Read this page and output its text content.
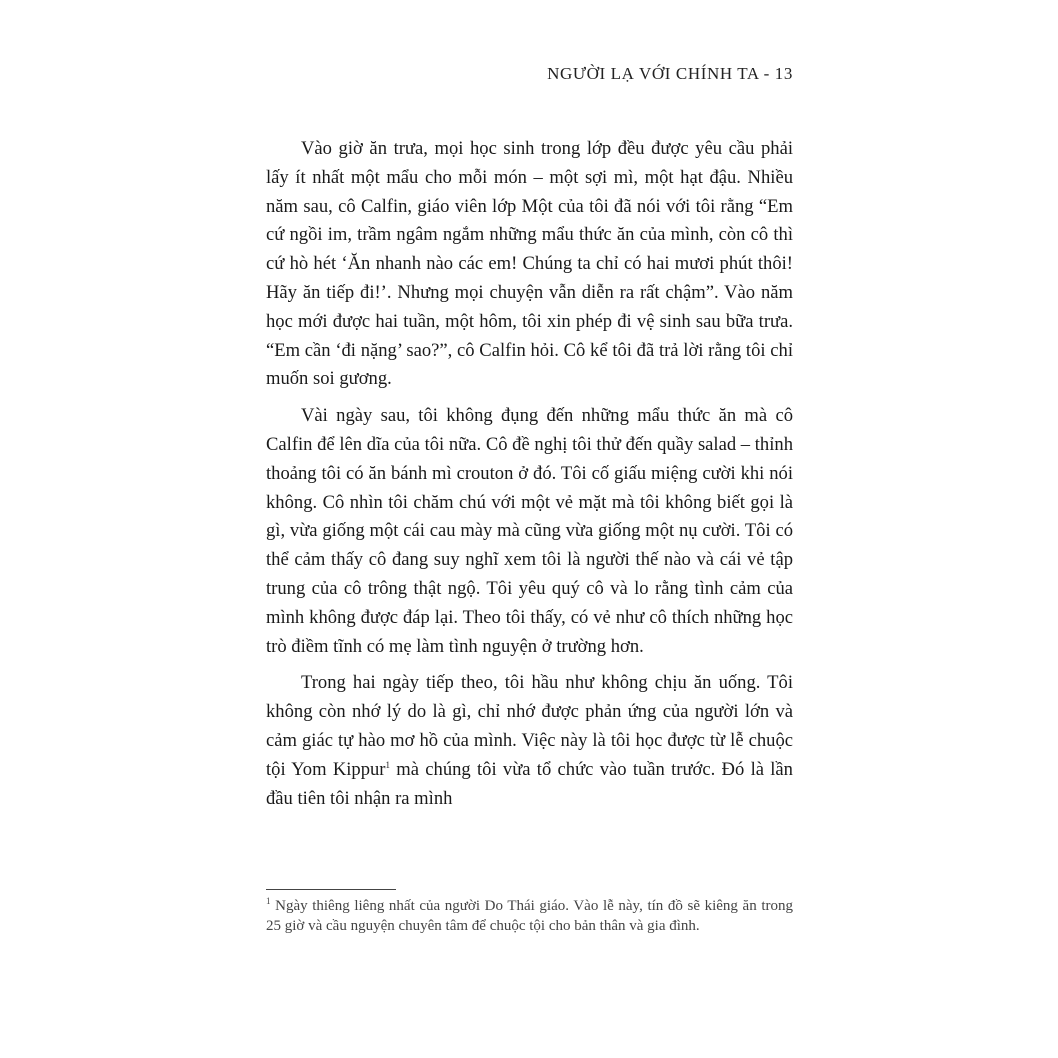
NGƯỜI LẠ VỚI CHÍNH TA - 13

Vào giờ ăn trưa, mọi học sinh trong lớp đều được yêu cầu phải lấy ít nhất một mẩu cho mỗi món – một sợi mì, một hạt đậu. Nhiều năm sau, cô Calfin, giáo viên lớp Một của tôi đã nói với tôi rằng “Em cứ ngồi im, trầm ngâm ngắm những mẩu thức ăn của mình, còn cô thì cứ hò hét ‘Ăn nhanh nào các em! Chúng ta chỉ có hai mươi phút thôi! Hãy ăn tiếp đi!’. Nhưng mọi chuyện vẫn diễn ra rất chậm”. Vào năm học mới được hai tuần, một hôm, tôi xin phép đi vệ sinh sau bữa trưa. “Em cần ‘đi nặng’ sao?”, cô Calfin hỏi. Cô kể tôi đã trả lời rằng tôi chỉ muốn soi gương.

Vài ngày sau, tôi không đụng đến những mẩu thức ăn mà cô Calfin để lên dĩa của tôi nữa. Cô đề nghị tôi thử đến quầy salad – thỉnh thoảng tôi có ăn bánh mì crouton ở đó. Tôi cố giấu miệng cười khi nói không. Cô nhìn tôi chăm chú với một vẻ mặt mà tôi không biết gọi là gì, vừa giống một cái cau mày mà cũng vừa giống một nụ cười. Tôi có thể cảm thấy cô đang suy nghĩ xem tôi là người thế nào và cái vẻ tập trung của cô trông thật ngộ. Tôi yêu quý cô và lo rằng tình cảm của mình không được đáp lại. Theo tôi thấy, có vẻ như cô thích những học trò điềm tĩnh có mẹ làm tình nguyện ở trường hơn.

Trong hai ngày tiếp theo, tôi hầu như không chịu ăn uống. Tôi không còn nhớ lý do là gì, chỉ nhớ được phản ứng của người lớn và cảm giác tự hào mơ hồ của mình. Việc này là tôi học được từ lễ chuộc tội Yom Kippur$^1$ mà chúng tôi vừa tổ chức vào tuần trước. Đó là lần đầu tiên tôi nhận ra mình

$^1$ Ngày thiêng liêng nhất của người Do Thái giáo. Vào lễ này, tín đồ sẽ kiêng ăn trong 25 giờ và cầu nguyện chuyên tâm để chuộc tội cho bản thân và gia đình.
